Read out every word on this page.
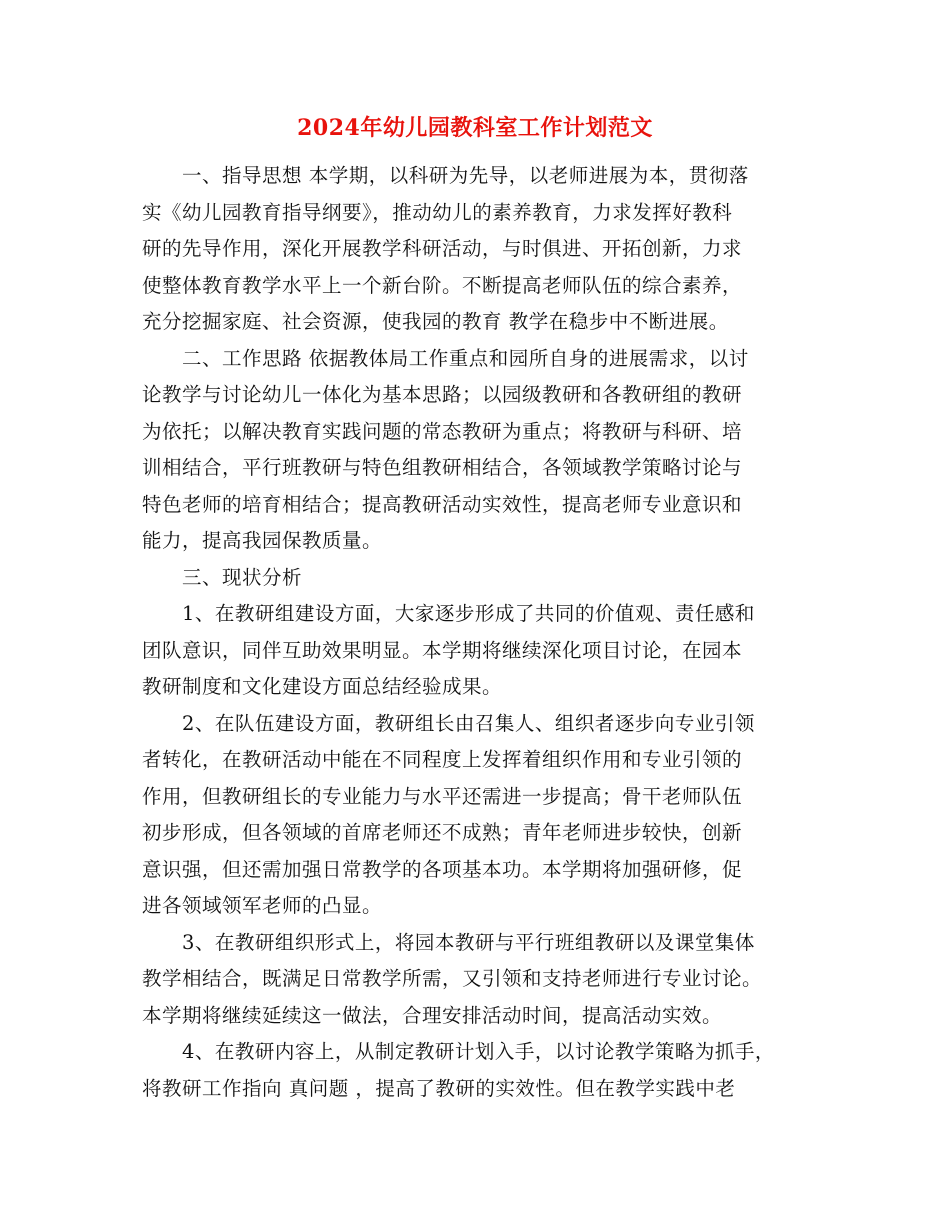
2024年幼儿园教科室工作计划范文

一、指导思想 本学期，以科研为先导，以老师进展为本，贯彻落
实《幼儿园教育指导纲要》，推动幼儿的素养教育，力求发挥好教科
研的先导作用，深化开展教学科研活动，与时俱进、开拓创新，力求
使整体教育教学水平上一个新台阶。不断提高老师队伍的综合素养，
充分挖掘家庭、社会资源，使我园的教育 教学在稳步中不断进展。

二、工作思路 依据教体局工作重点和园所自身的进展需求，以讨
论教学与讨论幼儿一体化为基本思路；以园级教研和各教研组的教研
为依托；以解决教育实践问题的常态教研为重点；将教研与科研、培
训相结合，平行班教研与特色组教研相结合，各领域教学策略讨论与
特色老师的培育相结合；提高教研活动实效性，提高老师专业意识和
能力，提高我园保教质量。

三、现状分析

1、在教研组建设方面，大家逐步形成了共同的价值观、责任感和
团队意识，同伴互助效果明显。本学期将继续深化项目讨论，在园本
教研制度和文化建设方面总结经验成果。

2、在队伍建设方面，教研组长由召集人、组织者逐步向专业引领
者转化，在教研活动中能在不同程度上发挥着组织作用和专业引领的
作用，但教研组长的专业能力与水平还需进一步提高；骨干老师队伍
初步形成，但各领域的首席老师还不成熟；青年老师进步较快，创新
意识强，但还需加强日常教学的各项基本功。本学期将加强研修，促
进各领域领军老师的凸显。

3、在教研组织形式上，将园本教研与平行班组教研以及课堂集体
教学相结合，既满足日常教学所需，又引领和支持老师进行专业讨论。
本学期将继续延续这一做法，合理安排活动时间，提高活动实效。

4、在教研内容上，从制定教研计划入手，以讨论教学策略为抓手，
将教研工作指向 真问题 ，提高了教研的实效性。但在教学实践中老
